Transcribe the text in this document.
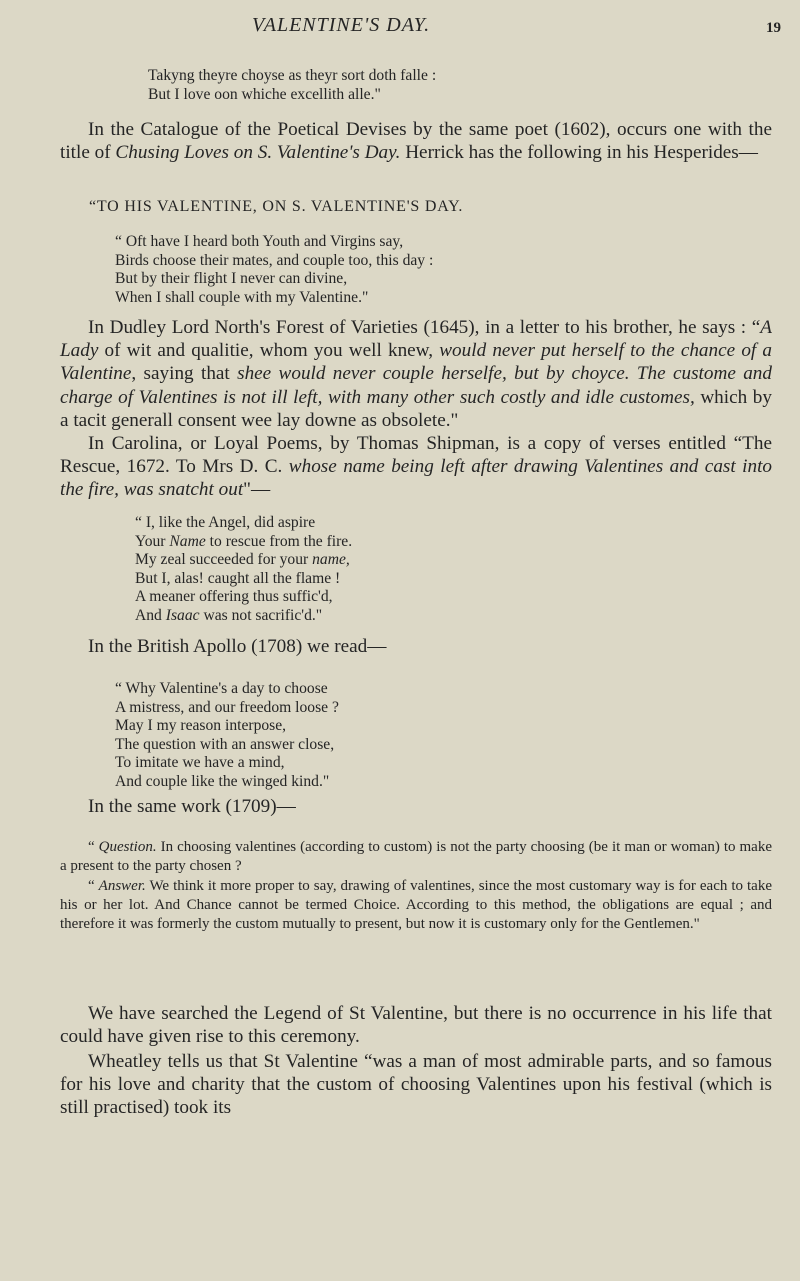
VALENTINE'S DAY.	19
Takyng theyre choyse as theyr sort doth falle :
But I love oon whiche excellith alle."

In the Catalogue of the Poetical Devises by the same poet (1602), occurs one with the title of Chusing Loves on S. Valentine's Day. Herrick has the following in his Hesperides—

“TO HIS VALENTINE, ON S. VALENTINE'S DAY.
“ Oft have I heard both Youth and Virgins say,
Birds choose their mates, and couple too, this day :
But by their flight I never can divine,
When I shall couple with my Valentine."

In Dudley Lord North's Forest of Varieties (1645), in a letter to his brother, he says : “A Lady of wit and qualitie, whom you well knew, would never put herself to the chance of a Valentine, saying that shee would never couple herselfe, but by choyce. The custome and charge of Valentines is not ill left, with many other such costly and idle customes, which by a tacit generall consent wee lay downe as obsolete."

In Carolina, or Loyal Poems, by Thomas Shipman, is a copy of verses entitled “The Rescue, 1672. To Mrs D. C. whose name being left after drawing Valentines and cast into the fire, was snatcht out"—

“ I, like the Angel, did aspire
Your Name to rescue from the fire.
My zeal succeeded for your name,
But I, alas! caught all the flame !
A meaner offering thus suffic'd,
And Isaac was not sacrific'd."

In the British Apollo (1708) we read—

“ Why Valentine's a day to choose
A mistress, and our freedom loose ?
May I my reason interpose,
The question with an answer close,
To imitate we have a mind,
And couple like the winged kind."

In the same work (1709)—

“ Question. In choosing valentines (according to custom) is not the party choosing (be it man or woman) to make a present to the party chosen ?

“ Answer. We think it more proper to say, drawing of valentines, since the most customary way is for each to take his or her lot. And Chance cannot be termed Choice. According to this method, the obligations are equal ; and therefore it was formerly the custom mutually to present, but now it is customary only for the Gentlemen."

We have searched the Legend of St Valentine, but there is no occurrence in his life that could have given rise to this ceremony.

Wheatley tells us that St Valentine “was a man of most admirable parts, and so famous for his love and charity that the custom of choosing Valentines upon his festival (which is still practised) took its
